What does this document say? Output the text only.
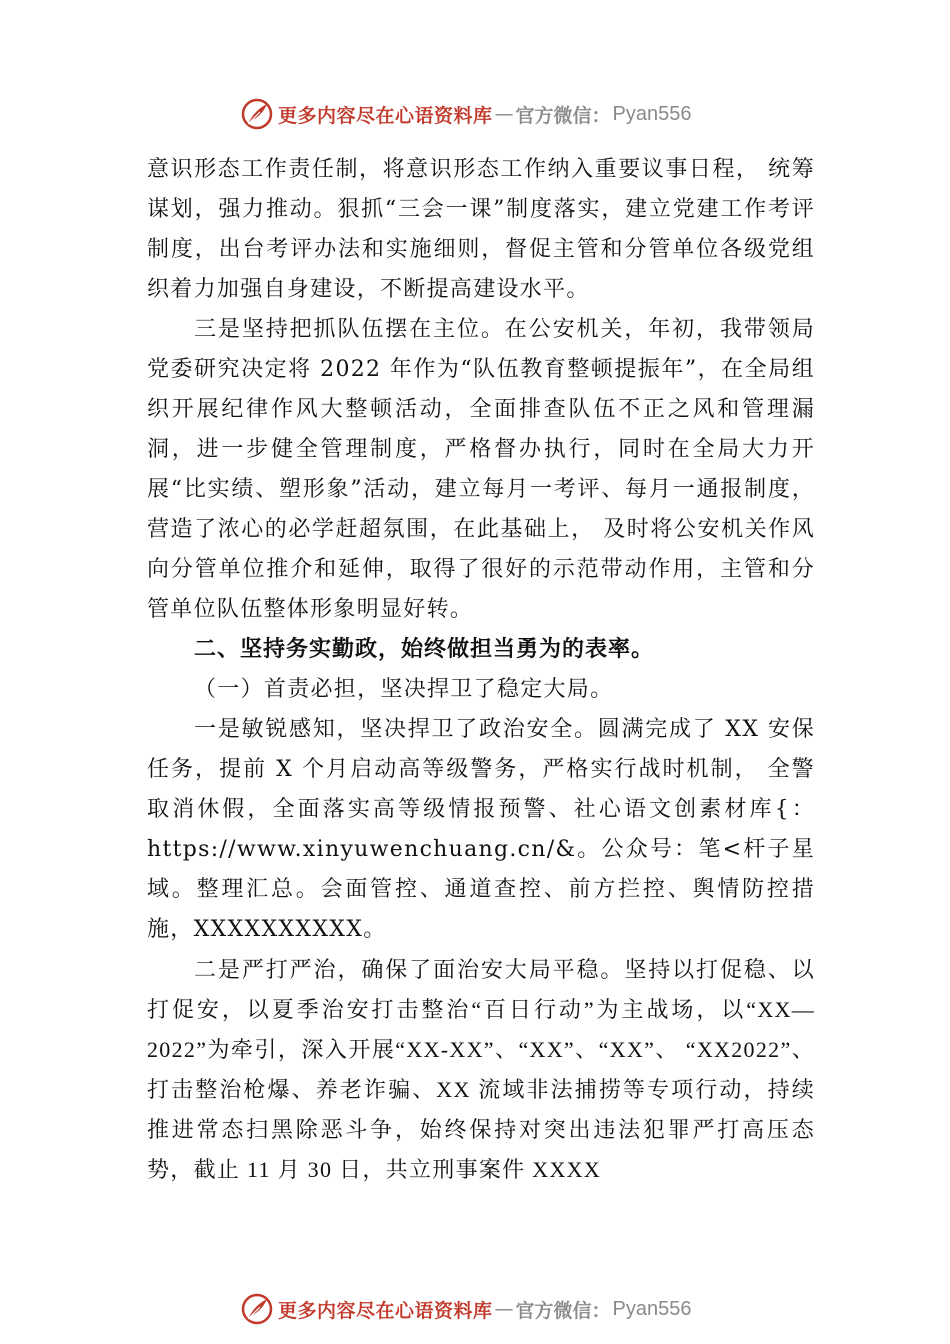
更多内容尽在心语资料库 — 官方微信： Pyan556

意识形态工作责任制，将意识形态工作纳入重要议事日程， 统筹谋划，强力推动。狠抓“三会一课”制度落实，建立党建工作考评制度，出台考评办法和实施细则，督促主管和分管单位各级党组织着力加强自身建设，不断提高建设水平。

三是坚持把抓队伍摆在主位。在公安机关，年初，我带领局党委研究决定将 2022 年作为“队伍教育整顿提振年”，在全局组织开展纪律作风大整顿活动，全面排查队伍不正之风和管理漏洞，进一步健全管理制度，严格督办执行，同时在全局大力开展“比实绩、塑形象”活动，建立每月一考评、每月一通报制度，营造了浓心的必学赶超氛围，在此基础上， 及时将公安机关作风向分管单位推介和延伸，取得了很好的示范带动作用，主管和分管单位队伍整体形象明显好转。

二、坚持务实勤政，始终做担当勇为的表率。

（一）首责必担，坚决捍卫了稳定大局。

一是敏锐感知，坚决捍卫了政治安全。圆满完成了 XX 安保任务，提前 X 个月启动高等级警务，严格实行战时机制， 全警取消休假，全面落实高等级情报预警、社心语文创素材库{：https://www.xinyuwenchuang.cn/&。公众号：笔<杆子星域。整理汇总。会面管控、通道查控、前方拦控、舆情防控措施，XXXXXXXXXX。

二是严打严治，确保了面治安大局平稳。坚持以打促稳、以打促安，以夏季治安打击整治“百日行动”为主战场，以“XX—2022”为牵引，深入开展“XX-XX”、“XX”、“XX”、 “XX2022”、打击整治枪爆、养老诈骗、XX 流域非法捕捞等专项行动，持续推进常态扫黑除恶斗争，始终保持对突出违法犯罪严打高压态势，截止 11 月 30 日，共立刑事案件 XXXX

更多内容尽在心语资料库 — 官方微信： Pyan556
